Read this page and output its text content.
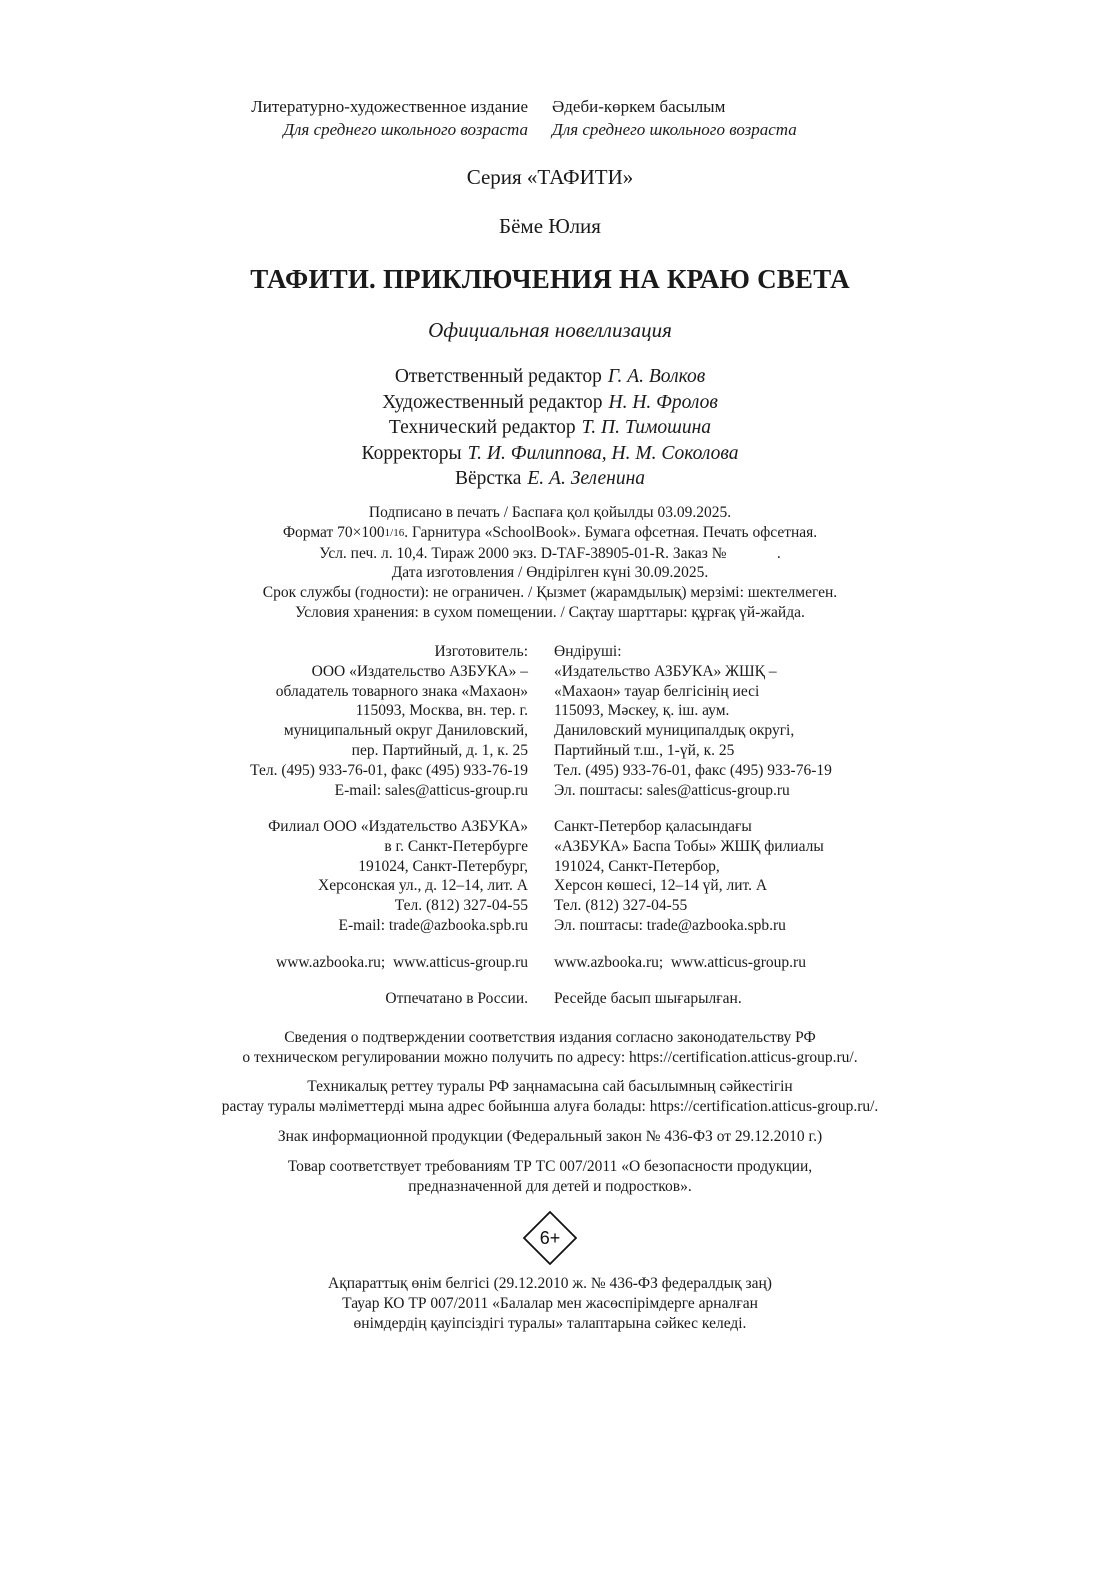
Литературно-художественное издание
Для среднего школьного возраста
Әдеби-көркем басылым
Для среднего школьного возраста
Серия «ТАФИТИ»
Бёме Юлия
ТАФИТИ. ПРИКЛЮЧЕНИЯ НА КРАЮ СВЕТА
Официальная новеллизация
Ответственный редактор Г. А. Волков
Художественный редактор Н. Н. Фролов
Технический редактор Т. П. Тимошина
Корректоры Т. И. Филиппова, Н. М. Соколова
Вёрстка Е. А. Зеленина
Подписано в печать / Баспаға қол қойылды 03.09.2025.
Формат 70×1001/16. Гарнитура «SchoolBook». Бумага офсетная. Печать офсетная.
Усл. печ. л. 10,4. Тираж 2000 экз. D-TAF-38905-01-R. Заказ №             .
Дата изготовления / Өндірілген күні 30.09.2025.
Срок службы (годности): не ограничен. / Қызмет (жарамдылық) мерзімі: шектелмеген.
Условия хранения: в сухом помещении. / Сақтау шарттары: құрғақ үй-жайда.
Изготовитель:
ООО «Издательство АЗБУКА» –
обладатель товарного знака «Махаон»
115093, Москва, вн. тер. г.
муниципальный округ Даниловский,
пер. Партийный, д. 1, к. 25
Тел. (495) 933-76-01, факс (495) 933-76-19
E-mail: sales@atticus-group.ru
Өндіруші:
«Издательство АЗБУКА» ЖШҚ –
«Махаон» тауар белгісінің иесі
115093, Мәскеу, қ. іш. аум.
Даниловский муниципалдық округі,
Партийный т.ш., 1-үй, к. 25
Тел. (495) 933-76-01, факс (495) 933-76-19
Эл. поштасы: sales@atticus-group.ru
Филиал ООО «Издательство АЗБУКА»
в г. Санкт-Петербурге
191024, Санкт-Петербург,
Херсонская ул., д. 12–14, лит. А
Тел. (812) 327-04-55
E-mail: trade@azbooka.spb.ru
Санкт-Петербор қаласындағы
«АЗБУКА» Баспа Тобы» ЖШҚ филиалы
191024, Санкт-Петербор,
Херсон көшесі, 12–14 үй, лит. А
Тел. (812) 327-04-55
Эл. поштасы: trade@azbooka.spb.ru
www.azbooka.ru;  www.atticus-group.ru www.azbooka.ru;  www.atticus-group.ru
Отпечатано в России. Ресейде басып шығарылған.
Сведения о подтверждении соответствия издания согласно законодательству РФ
о техническом регулировании можно получить по адресу: https://certification.atticus-group.ru/.
Техникалық реттеу туралы РФ заңнамасына сай басылымның сәйкестігін
растау туралы мәліметтерді мына адрес бойынша алуға болады: https://certification.atticus-group.ru/.
Знак информационной продукции (Федеральный закон № 436-ФЗ от 29.12.2010 г.)
Товар соответствует требованиям ТР ТС 007/2011 «О безопасности продукции,
предназначенной для детей и подростков».
6+
Ақпараттық өнім белгісі (29.12.2010 ж. № 436-ФЗ федералдық заң)
Тауар КО ТР 007/2011 «Балалар мен жасөспірімдерге арналған
өнімдердің қауіпсіздігі туралы» талаптарына сәйкес келеді.
